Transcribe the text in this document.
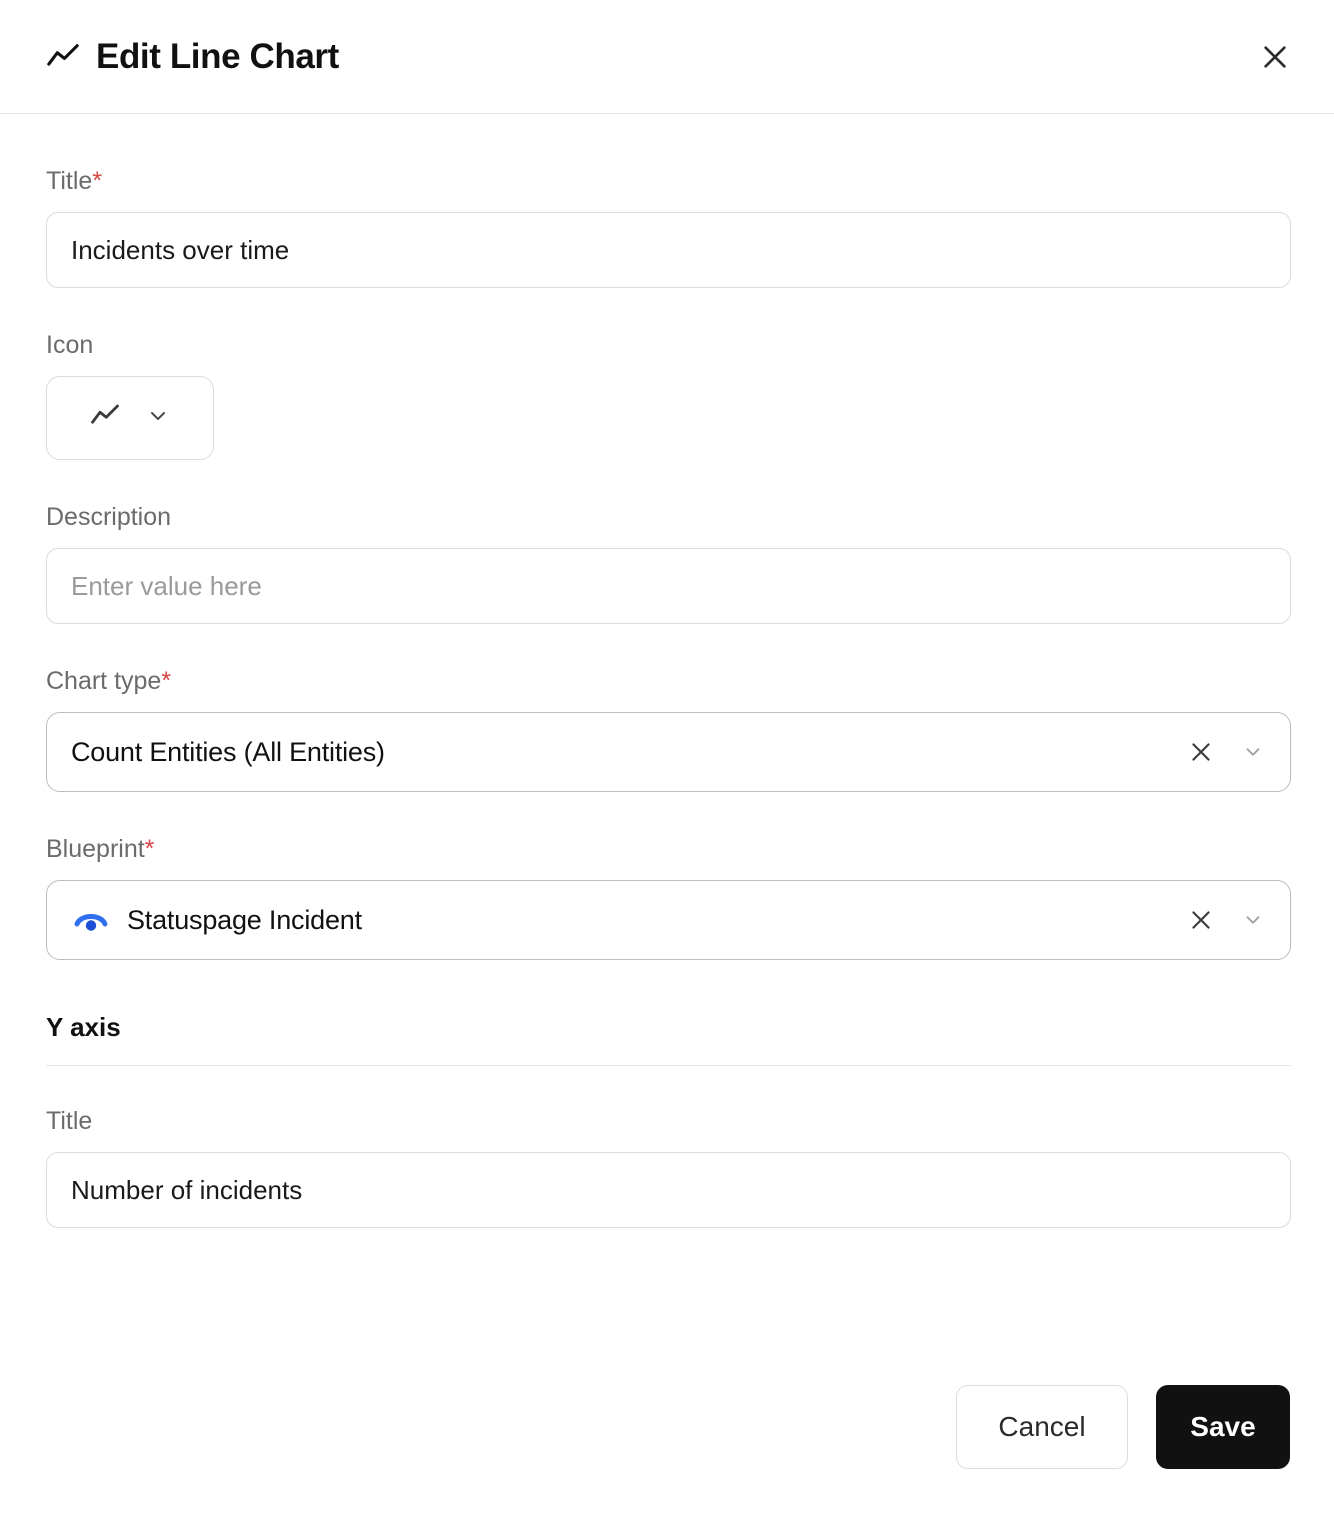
Edit Line Chart
Title*
Incidents over time
Icon
Description
Enter value here
Chart type*
Count Entities (All Entities)
Blueprint*
Statuspage Incident
Y axis
Title
Number of incidents
Cancel	Save
